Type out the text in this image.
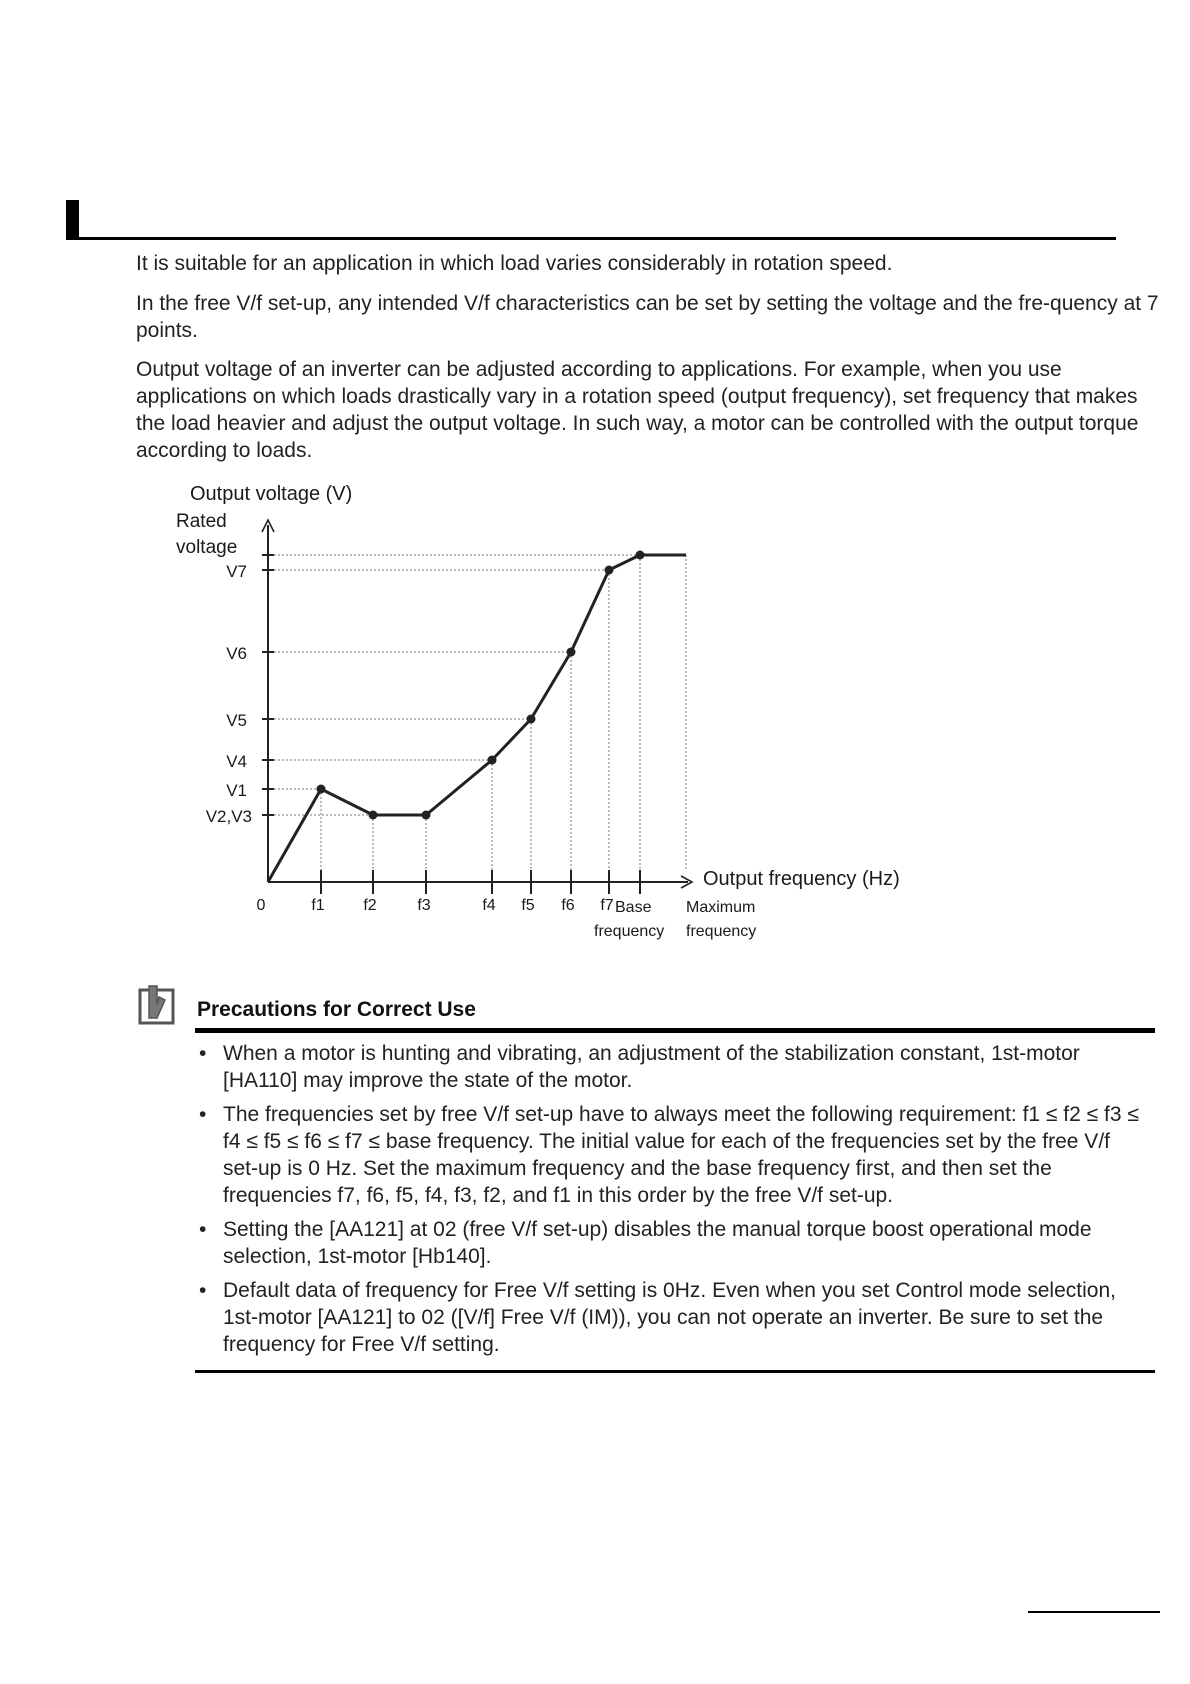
It is suitable for an application in which load varies considerably in rotation speed.

In the free V/f set-up, any intended V/f characteristics can be set by setting the voltage and the fre-quency at 7 points.

Output voltage of an inverter can be adjusted according to applications. For example, when you use applications on which loads drastically vary in a rotation speed (output frequency), set frequency that makes the load heavier and adjust the output voltage. In such way, a motor can be controlled with the output torque according to loads.

Output voltage (V)
Rated
voltage
V7
V6
V5
V4
V1
V2,V3
0	f1 f2	f3	f4 f5 f6 f7 Base
frequency
Maximum
frequency
Output frequency (Hz)
Precautions for Correct Use
• When a motor is hunting and vibrating, an adjustment of the stabilization constant, 1st-motor [HA110] may improve the state of the motor.
• The frequencies set by free V/f set-up have to always meet the following requirement: f1 ≤ f2 ≤ f3 ≤ f4 ≤ f5 ≤ f6 ≤ f7 ≤ base frequency. The initial value for each of the frequencies set by the free V/f set-up is 0 Hz. Set the maximum frequency and the base frequency first, and then set the frequencies f7, f6, f5, f4, f3, f2, and f1 in this order by the free V/f set-up.
• Setting the [AA121] at 02 (free V/f set-up) disables the manual torque boost operational mode selection, 1st-motor [Hb140].
• Default data of frequency for Free V/f setting is 0Hz. Even when you set Control mode selection, 1st-motor [AA121] to 02 ([V/f] Free V/f (IM)), you can not operate an inverter. Be sure to set the frequency for Free V/f setting.
